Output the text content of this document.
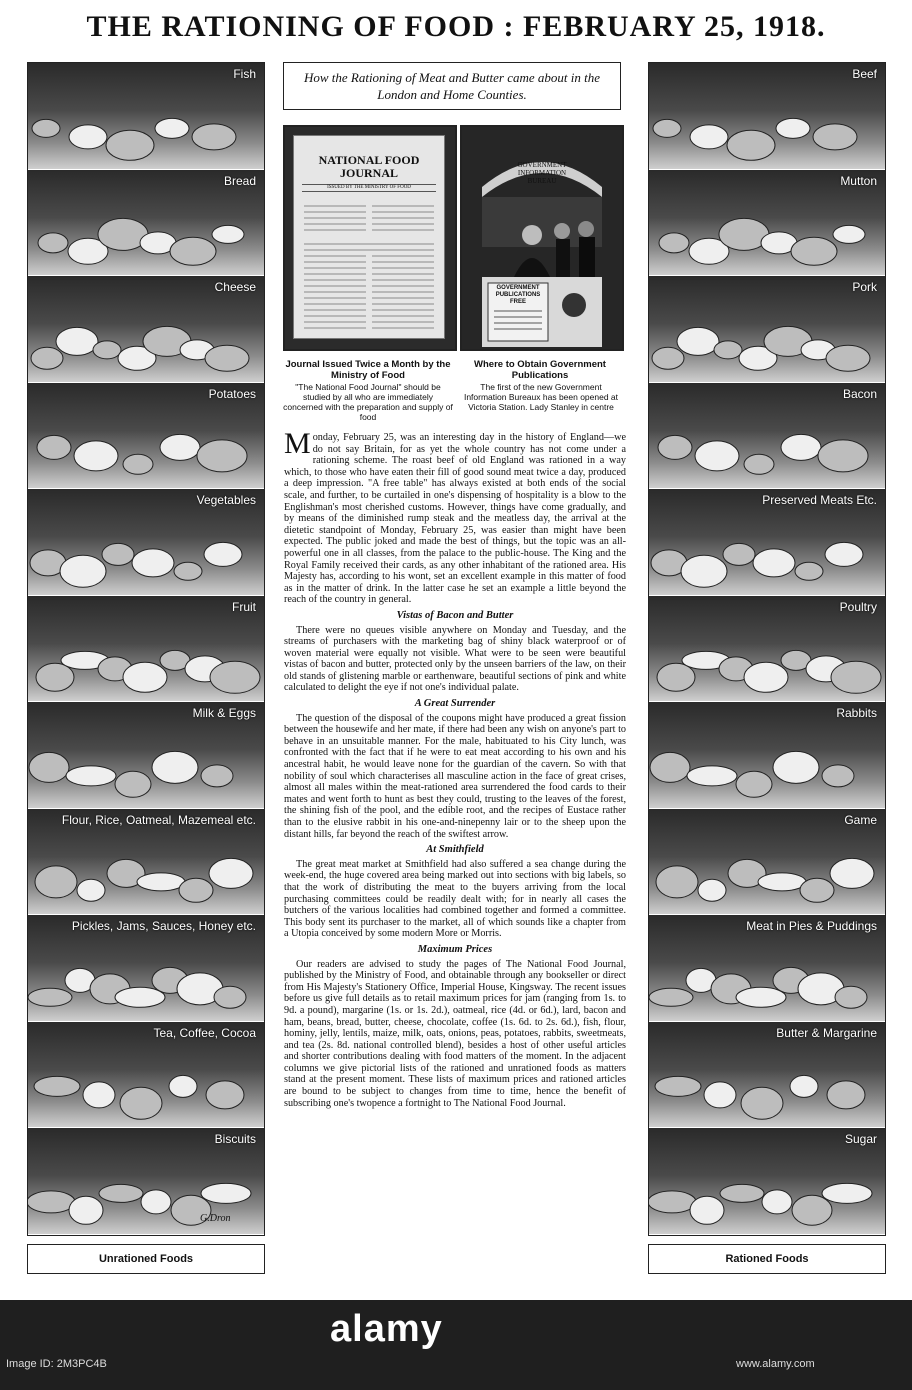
THE RATIONING OF FOOD : FEBRUARY 25, 1918.
Fish
Bread
Cheese
Potatoes
Vegetables
Fruit
Milk & Eggs
Flour, Rice, Oatmeal, Mazemeal etc.
Pickles, Jams, Sauces, Honey etc.
Tea, Coffee, Cocoa
Biscuits
Unrationed Foods
Beef
Mutton
Pork
Bacon
Preserved Meats Etc.
Poultry
Rabbits
Game
Meat in Pies & Puddings
Butter & Margarine
Sugar
Rationed Foods
How the Rationing of Meat and Butter came about in the London and Home Counties.
NATIONAL FOOD JOURNAL
ISSUED BY THE MINISTRY OF FOOD
GOVERNMENT INFORMATION BUREAU
GOVERNMENT PUBLICATIONS FREE
Journal Issued Twice a Month by the Ministry of Food
"The National Food Journal" should be studied by all who are immediately concerned with the preparation and supply of food
Where to Obtain Government Publications
The first of the new Government Information Bureaux has been opened at Victoria Station. Lady Stanley in centre

Monday, February 25, was an interesting day in the history of England—we do not say Britain, for as yet the whole country has not come under a rationing scheme. The roast beef of old England was rationed in a way which, to those who have eaten their fill of good sound meat twice a day, produced a deep impression. "A free table" has always existed at both ends of the social scale, and further, to be curtailed in one's dispensing of hospitality is a blow to the Englishman's most cherished customs. However, things have come gradually, and by means of the diminished rump steak and the meatless day, the arrival at the dietetic standpoint of Monday, February 25, was easier than might have been expected. The public joked and made the best of things, but the topic was an all-powerful one in all classes, from the palace to the public-house. The King and the Royal Family received their cards, as any other inhabitant of the rationed area. His Majesty has, according to his wont, set an excellent example in this matter of food as in the matter of drink. In the latter case he set an example a little beyond the reach of the country in general.

Vistas of Bacon and Butter

There were no queues visible anywhere on Monday and Tuesday, and the streams of purchasers with the marketing bag of shiny black waterproof or of woven material were equally not visible. What were to be seen were beautiful vistas of bacon and butter, protected only by the unseen barriers of the law, on their old stands of glistening marble or earthenware, beautiful sections of pink and white calculated to delight the eye if not one's individual palate.

A Great Surrender

The question of the disposal of the coupons might have produced a great fission between the housewife and her mate, if there had been any wish on anyone's part to behave in an unsuitable manner. For the male, habituated to his City lunch, was confronted with the fact that if he were to eat meat according to his own and his ancestral habit, he would leave none for the guardian of the cavern. So with that nobility of soul which characterises all masculine action in the face of great crises, almost all males within the meat-rationed area surrendered the food cards to their mates and went forth to hunt as best they could, trusting to the leaves of the forest, the shining fish of the pool, and the edible root, and the recipes of Eustace rather than to the elusive rabbit in his one-and-ninepenny lair or to the sheep upon the distant hills, far beyond the reach of the swiftest arrow.

At Smithfield

The great meat market at Smithfield had also suffered a sea change during the week-end, the huge covered area being marked out into sections with big labels, so that the work of distributing the meat to the buyers arriving from the local purchasing committees could be readily dealt with; for in nearly all cases the butchers of the various localities had combined together and formed a committee. This body sent its purchaser to the market, all of which sounds like a chapter from a Utopia conceived by some modern More or Morris.

Maximum Prices

Our readers are advised to study the pages of The National Food Journal, published by the Ministry of Food, and obtainable through any bookseller or direct from His Majesty's Stationery Office, Imperial House, Kingsway. The recent issues before us give full details as to retail maximum prices for jam (ranging from 1s. to 9d. a pound), margarine (1s. or 1s. 2d.), oatmeal, rice (4d. or 6d.), lard, bacon and ham, beans, bread, butter, cheese, chocolate, coffee (1s. 6d. to 2s. 6d.), fish, flour, hominy, jelly, lentils, maize, milk, oats, onions, peas, potatoes, rabbits, sweetmeats, and tea (2s. 8d. national controlled blend), besides a host of other useful articles and shorter contributions dealing with food matters of the moment. In the adjacent columns we give pictorial lists of the rationed and unrationed foods as matters stand at the present moment. These lists of maximum prices and rationed articles are bound to be subject to changes from time to time, hence the benefit of subscribing one's twopence a fortnight to The National Food Journal.

G.Dron
alamy
Image ID: 2M3PC4B	www.alamy.com
